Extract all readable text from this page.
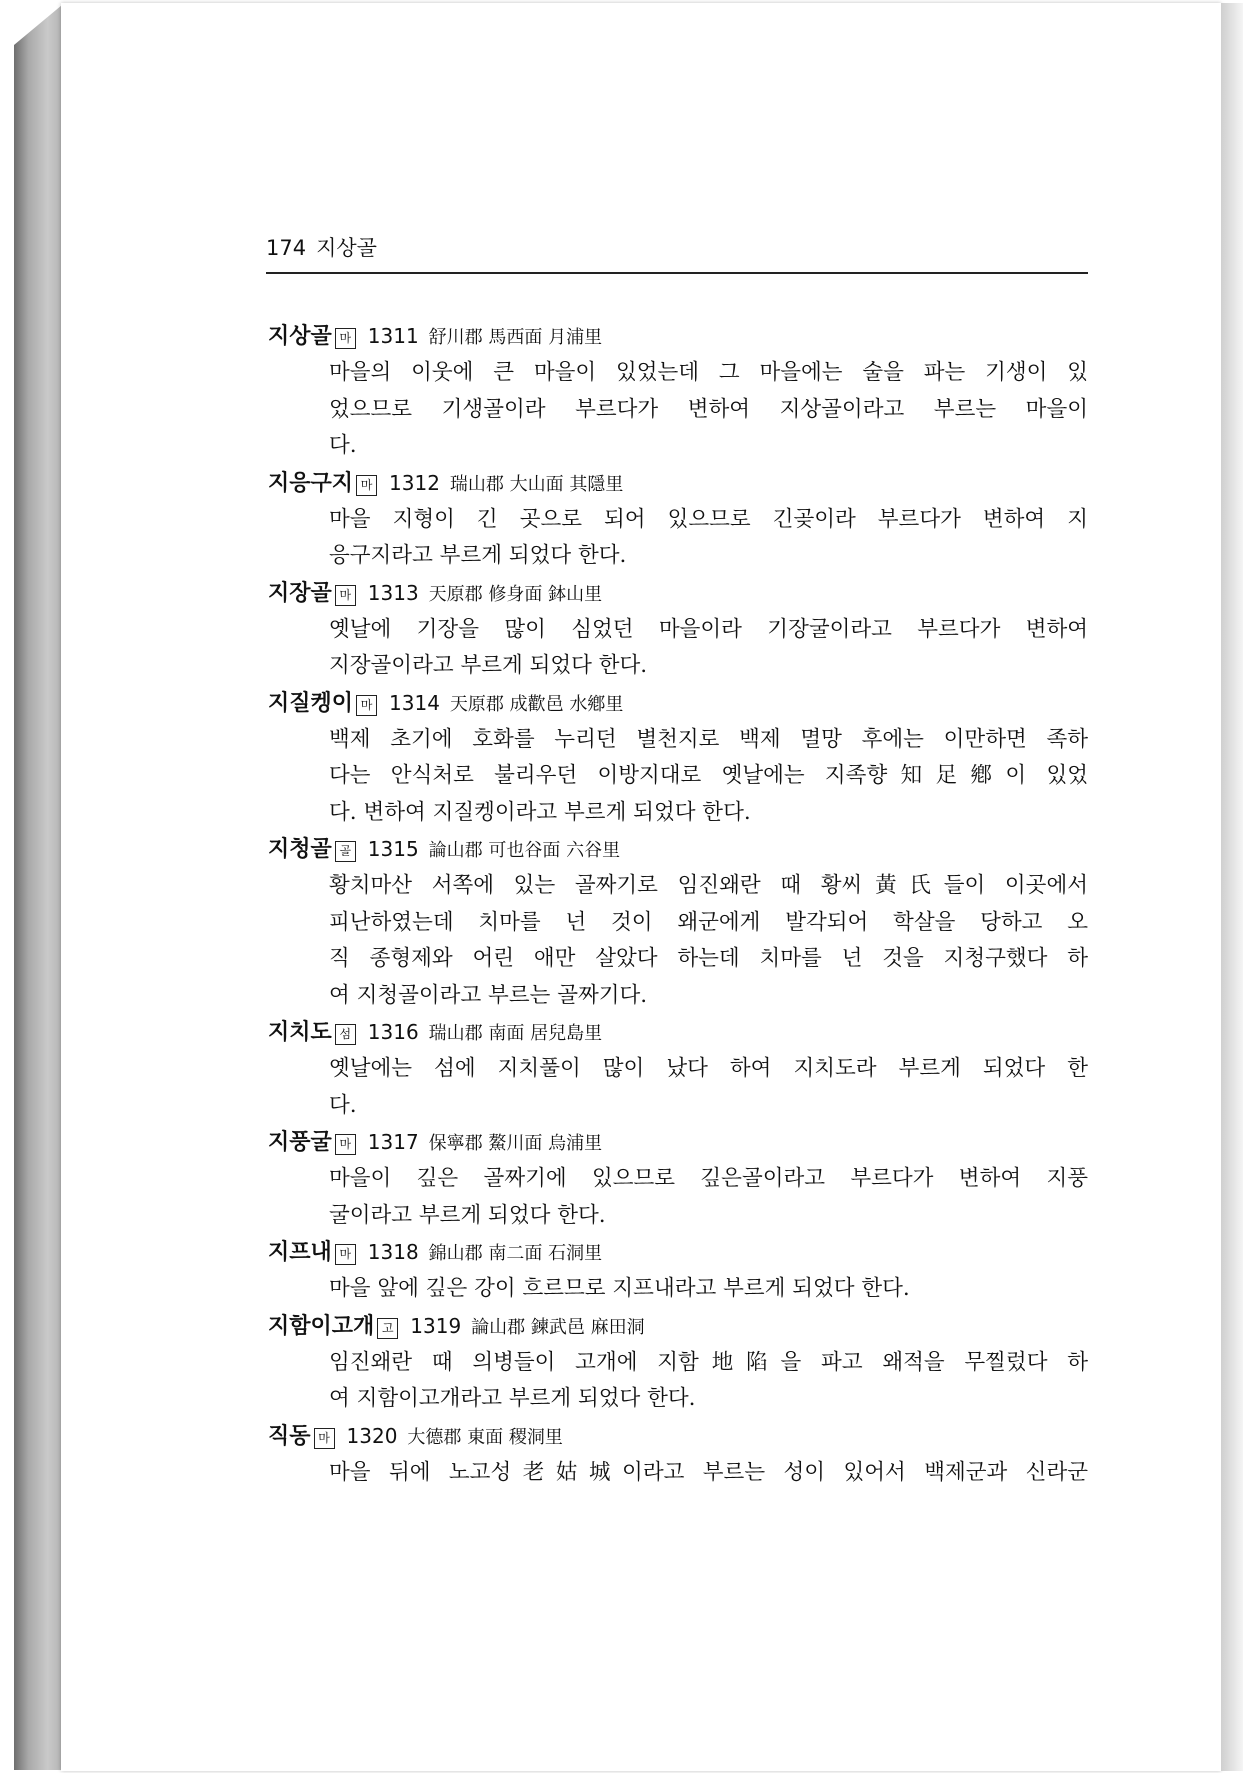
174 지상골
지상골 마 1311 舒川郡 馬西面 月浦里
마을의 이웃에 큰 마을이 있었는데 그 마을에는 술을 파는 기생이 있
었으므로 기생골이라 부르다가 변하여 지상골이라고 부르는 마을이
다.
지응구지 마 1312 瑞山郡 大山面 其隱里
마을 지형이 긴 곳으로 되어 있으므로 긴곶이라 부르다가 변하여 지
응구지라고 부르게 되었다 한다.
지장골 마 1313 天原郡 修身面 鉢山里
옛날에 기장을 많이 심었던 마을이라 기장굴이라고 부르다가 변하여
지장골이라고 부르게 되었다 한다.
지질켕이 마 1314 天原郡 成歡邑 水鄕里
백제 초기에 호화를 누리던 별천지로 백제 멸망 후에는 이만하면 족하
다는 안식처로 불리우던 이방지대로 옛날에는 지족향知足鄕이 있었
다. 변하여 지질켕이라고 부르게 되었다 한다.
지청골 골 1315 論山郡 可也谷面 六谷里
황치마산 서쪽에 있는 골짜기로 임진왜란 때 황씨黃氏들이 이곳에서
피난하였는데 치마를 넌 것이 왜군에게 발각되어 학살을 당하고 오
직 종형제와 어린 애만 살았다 하는데 치마를 넌 것을 지청구했다 하
여 지청골이라고 부르는 골짜기다.
지치도 섬 1316 瑞山郡 南面 居兒島里
옛날에는 섬에 지치풀이 많이 났다 하여 지치도라 부르게 되었다 한
다.
지풍굴 마 1317 保寧郡 鰲川面 烏浦里
마을이 깊은 골짜기에 있으므로 깊은골이라고 부르다가 변하여 지풍
굴이라고 부르게 되었다 한다.
지프내 마 1318 錦山郡 南二面 石洞里
마을 앞에 깊은 강이 흐르므로 지프내라고 부르게 되었다 한다.
지함이고개 고 1319 論山郡 鍊武邑 麻田洞
임진왜란 때 의병들이 고개에 지함地陷을 파고 왜적을 무찔렀다 하
여 지함이고개라고 부르게 되었다 한다.
직동 마 1320 大德郡 東面 稷洞里
마을 뒤에 노고성老姑城이라고 부르는 성이 있어서 백제군과 신라군
